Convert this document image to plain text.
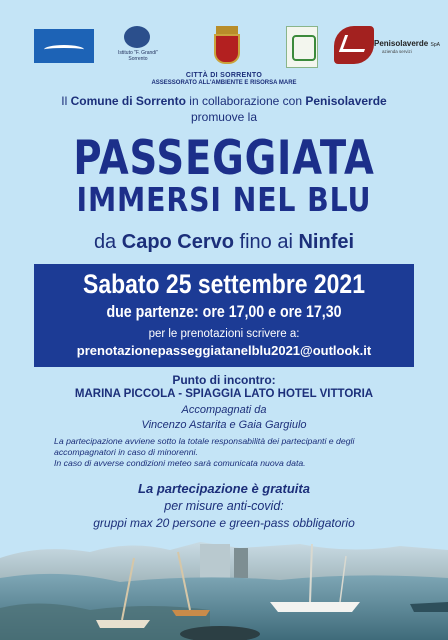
Istituto "F. Grandi" Sorrento
Penisolaverde SpA
azienda servizi
CITTÀ DI SORRENTO
ASSESSORATO ALL'AMBIENTE E RISORSA MARE
Il Comune di Sorrento in collaborazione con Penisolaverde
promuove la
PASSEGGIATA
IMMERSI NEL BLU
da Capo Cervo fino ai Ninfei
Sabato 25 settembre 2021
due partenze: ore 17,00 e ore 17,30
per le prenotazioni scrivere a:
prenotazionepasseggiatanelblu2021@outlook.it
Punto di incontro:
MARINA PICCOLA - SPIAGGIA LATO HOTEL VITTORIA
Accompagnati da
Vincenzo Astarita e Gaia Gargiulo
La partecipazione avviene sotto la totale responsabilità dei partecipanti e degli accompagnatori in caso di minorenni.
In caso di avverse condizioni meteo sarà comunicata nuova data.
La partecipazione è gratuita
per misure anti-covid:
gruppi max 20 persone e green-pass obbligatorio
